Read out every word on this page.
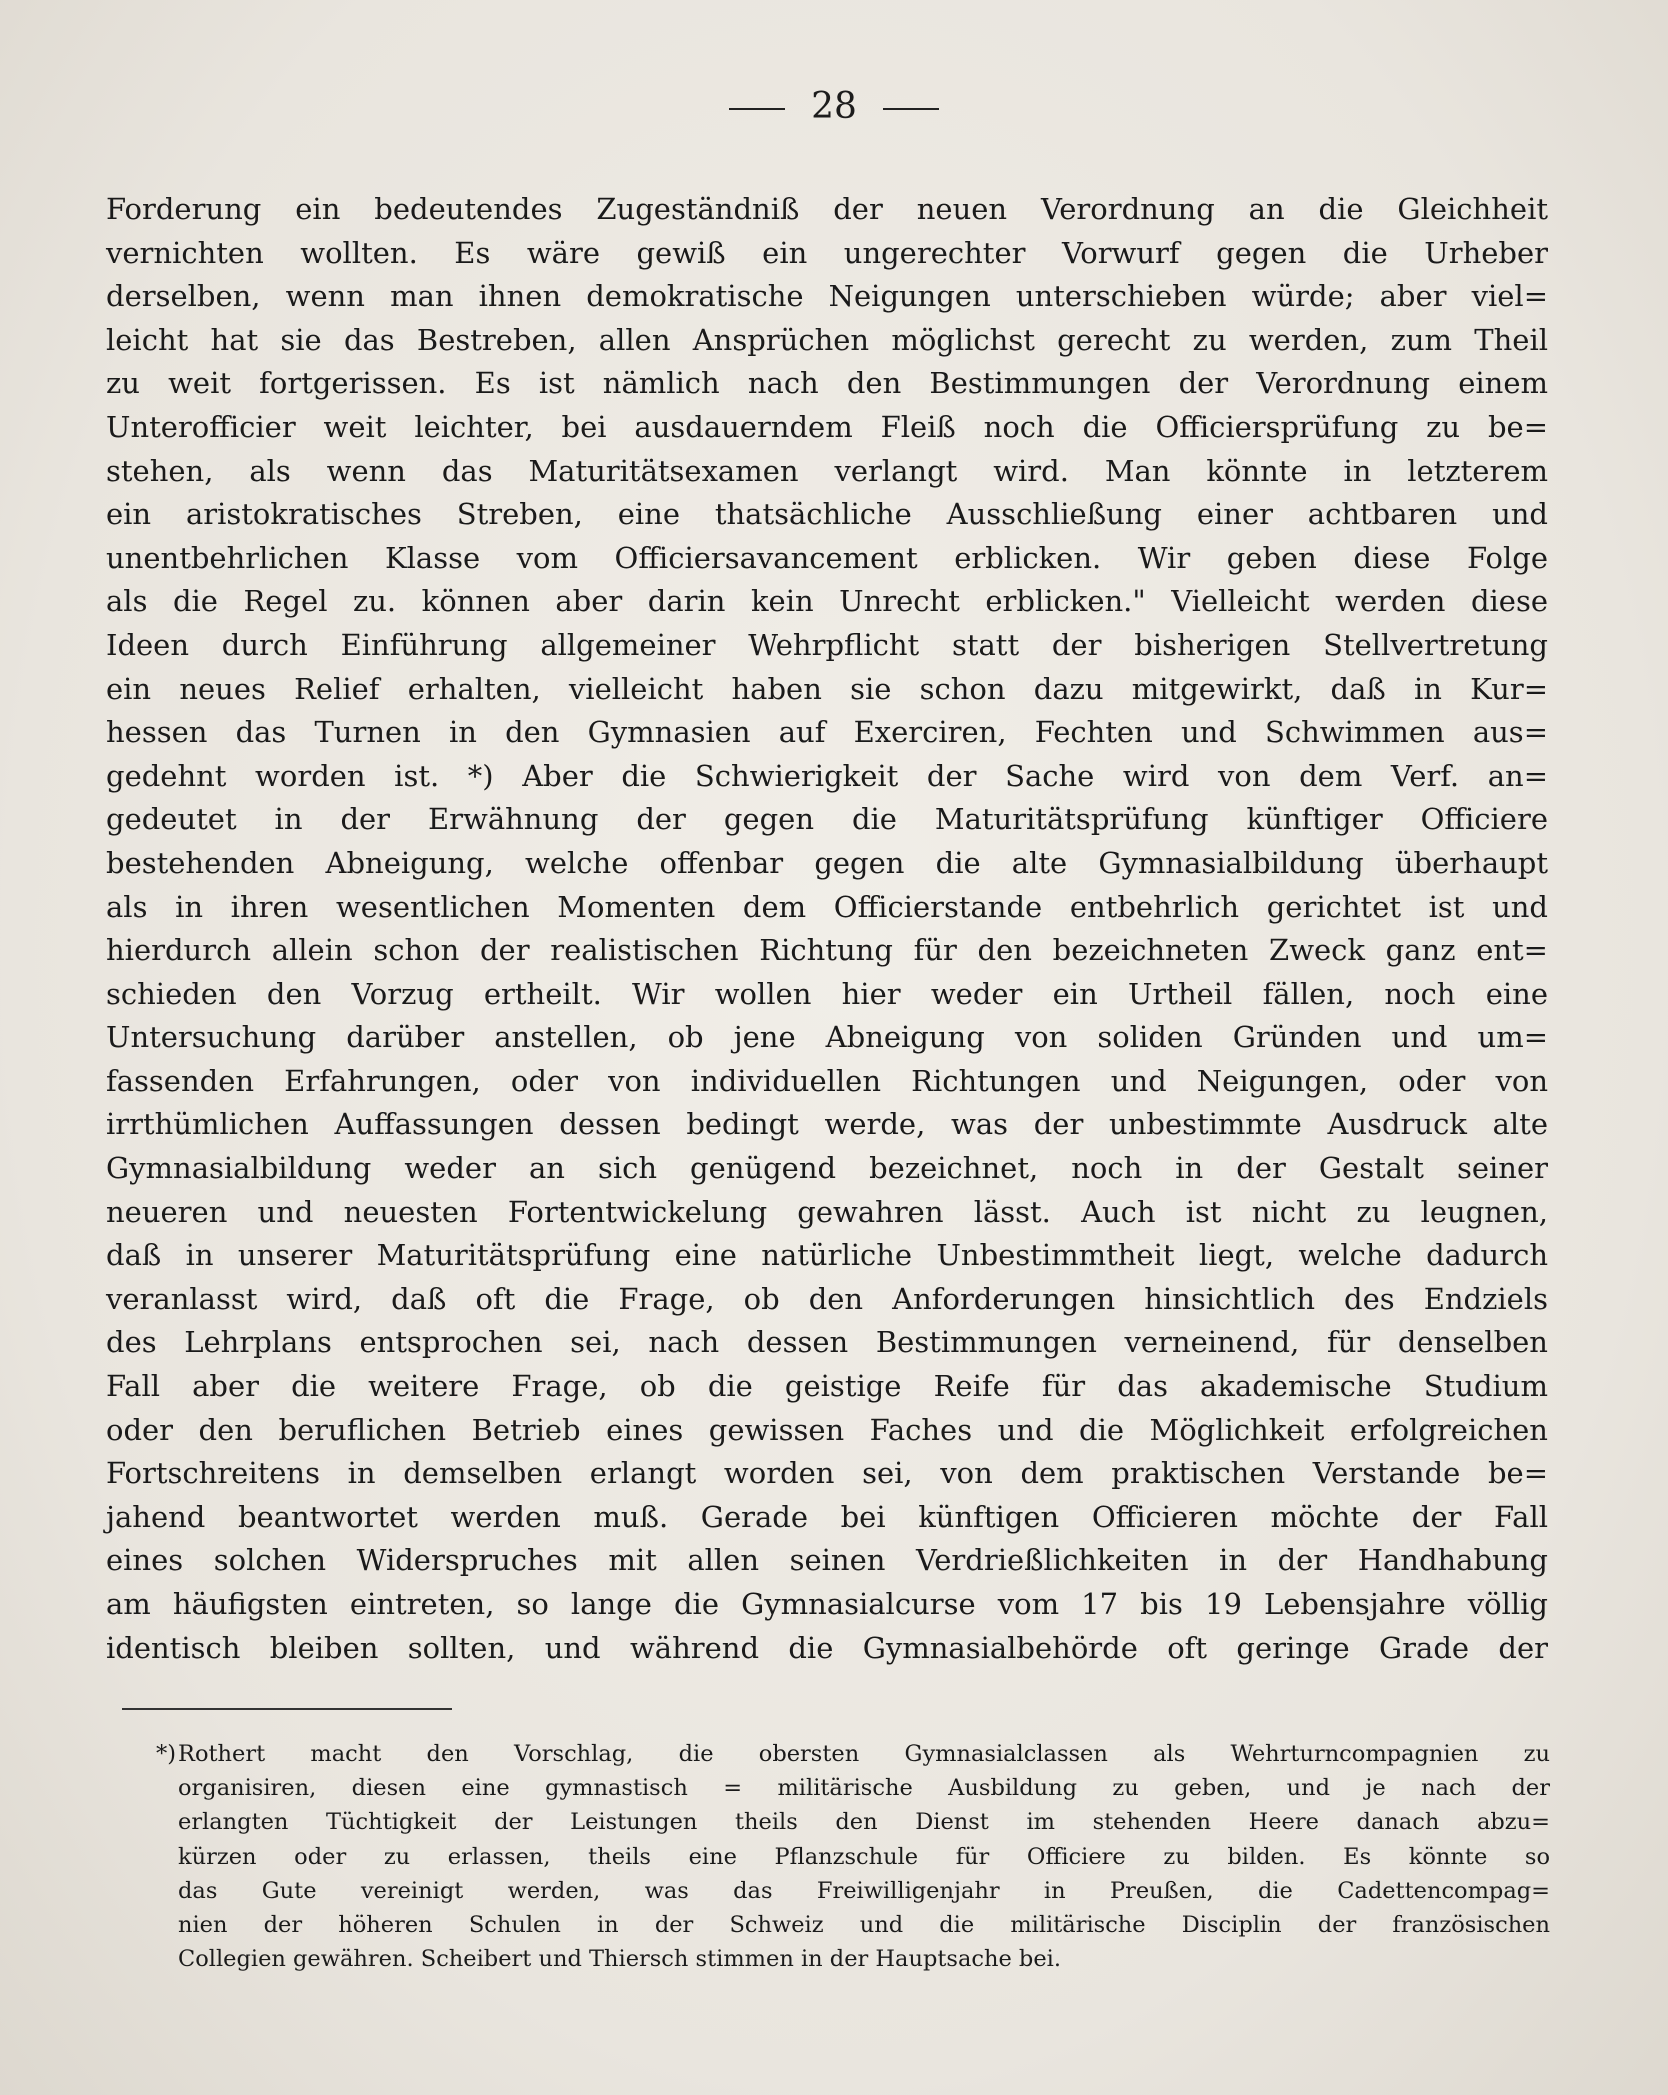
28
Forderung ein bedeutendes Zugeständniß der neuen Verordnung an die Gleichheit
vernichten wollten. Es wäre gewiß ein ungerechter Vorwurf gegen die Urheber
derselben, wenn man ihnen demokratische Neigungen unterschieben würde; aber viel=
leicht hat sie das Bestreben, allen Ansprüchen möglichst gerecht zu werden, zum Theil
zu weit fortgerissen. Es ist nämlich nach den Bestimmungen der Verordnung einem
Unterofficier weit leichter, bei ausdauerndem Fleiß noch die Officiersprüfung zu be=
stehen, als wenn das Maturitätsexamen verlangt wird. Man könnte in letzterem
ein aristokratisches Streben, eine thatsächliche Ausschließung einer achtbaren und
unentbehrlichen Klasse vom Officiersavancement erblicken. Wir geben diese Folge
als die Regel zu. können aber darin kein Unrecht erblicken." Vielleicht werden diese
Ideen durch Einführung allgemeiner Wehrpflicht statt der bisherigen Stellvertretung
ein neues Relief erhalten, vielleicht haben sie schon dazu mitgewirkt, daß in Kur=
hessen das Turnen in den Gymnasien auf Exerciren, Fechten und Schwimmen aus=
gedehnt worden ist. *) Aber die Schwierigkeit der Sache wird von dem Verf. an=
gedeutet in der Erwähnung der gegen die Maturitätsprüfung künftiger Officiere
bestehenden Abneigung, welche offenbar gegen die alte Gymnasialbildung überhaupt
als in ihren wesentlichen Momenten dem Officierstande entbehrlich gerichtet ist und
hierdurch allein schon der realistischen Richtung für den bezeichneten Zweck ganz ent=
schieden den Vorzug ertheilt. Wir wollen hier weder ein Urtheil fällen, noch eine
Untersuchung darüber anstellen, ob jene Abneigung von soliden Gründen und um=
fassenden Erfahrungen, oder von individuellen Richtungen und Neigungen, oder von
irrthümlichen Auffassungen dessen bedingt werde, was der unbestimmte Ausdruck alte
Gymnasialbildung weder an sich genügend bezeichnet, noch in der Gestalt seiner
neueren und neuesten Fortentwickelung gewahren lässt. Auch ist nicht zu leugnen,
daß in unserer Maturitätsprüfung eine natürliche Unbestimmtheit liegt, welche dadurch
veranlasst wird, daß oft die Frage, ob den Anforderungen hinsichtlich des Endziels
des Lehrplans entsprochen sei, nach dessen Bestimmungen verneinend, für denselben
Fall aber die weitere Frage, ob die geistige Reife für das akademische Studium
oder den beruflichen Betrieb eines gewissen Faches und die Möglichkeit erfolgreichen
Fortschreitens in demselben erlangt worden sei, von dem praktischen Verstande be=
jahend beantwortet werden muß. Gerade bei künftigen Officieren möchte der Fall
eines solchen Widerspruches mit allen seinen Verdrießlichkeiten in der Handhabung
am häufigsten eintreten, so lange die Gymnasialcurse vom 17 bis 19 Lebensjahre völlig
identisch bleiben sollten, und während die Gymnasialbehörde oft geringe Grade der
*) Rothert macht den Vorschlag, die obersten Gymnasialclassen als Wehrturncompagnien zu
organisiren, diesen eine gymnastisch = militärische Ausbildung zu geben, und je nach der
erlangten Tüchtigkeit der Leistungen theils den Dienst im stehenden Heere danach abzu=
kürzen oder zu erlassen, theils eine Pflanzschule für Officiere zu bilden. Es könnte so
das Gute vereinigt werden, was das Freiwilligenjahr in Preußen, die Cadettencompag=
nien der höheren Schulen in der Schweiz und die militärische Disciplin der französischen
Collegien gewähren. Scheibert und Thiersch stimmen in der Hauptsache bei.
